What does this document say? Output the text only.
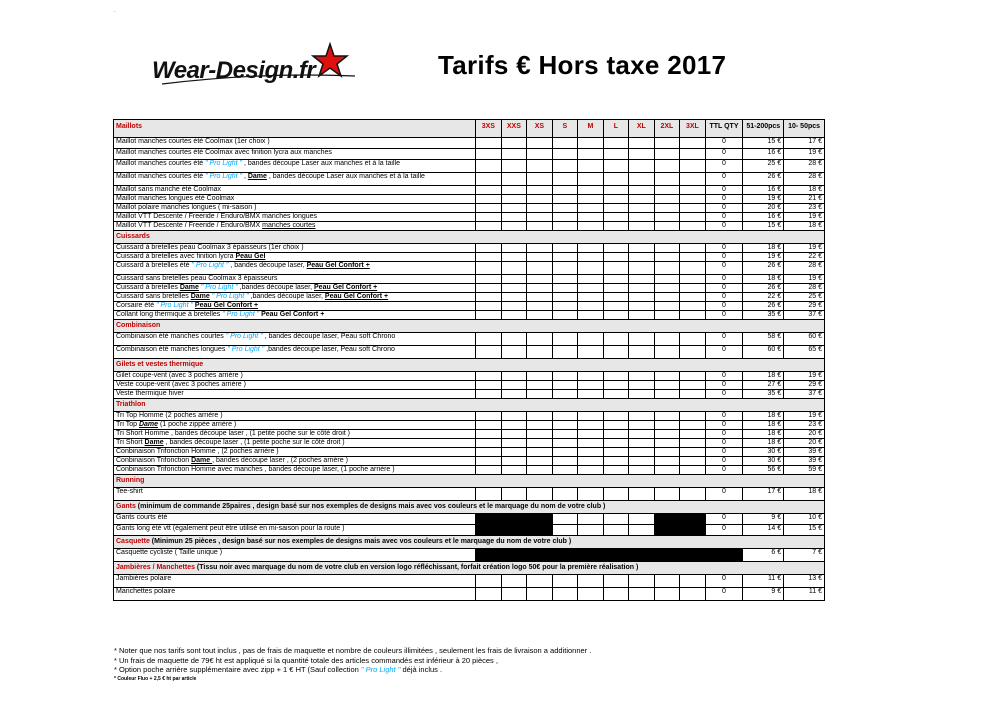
.
Wear-Design.fr	Tarifs € Hors taxe 2017
Maillots	3XS	XXS	XS	S	M	L	XL	2XL	3XL	TTL QTY	51-200pcs	10- 50pcs
Maillot manches courtes été Coolmax (1er choix )										0	15 €	17 €
Maillot manches courtes été Coolmax avec finition lycra aux manches										0	16 €	19 €
Maillot manches courtes été " Pro Light " , bandes découpe Laser aux manches et à la taille										0	25 €	28 €
Maillot manches courtes été " Pro Light " , Dame , bandes découpe Laser aux manches et à la taille										0	26 €	28 €
Maillot sans manche été Coolmax										0	16 €	18 €
Maillot manches longues été Coolmax										0	19 €	21 €
Maillot polaire manches longues ( mi-saison )										0	20 €	23 €
Maillot VTT Descente / Freeride / Enduro/BMX manches longues										0	16 €	19 €
Maillot VTT Descente / Freeride / Enduro/BMX manches courtes										0	15 €	18 €
Cuissards												
Cuissard à bretelles peau Coolmax 3 épaisseurs (1er choix )										0	18 €	19 €
Cuissard à bretelles avec finition lycra Peau Gel										0	19 €	22 €
Cuissard à bretelles été " Pro Light " , bandes découpe laser, Peau Gel Confort +										0	26 €	28 €
Cuissard sans bretelles peau Coolmax 3 épaisseurs										0	18 €	19 €
Cuissard à bretelles Dame " Pro Light " ,bandes découpe laser, Peau Gel Confort +										0	26 €	28 €
Cuissard sans bretelles Dame " Pro Light " ,bandes découpe laser, Peau Gel Confort +										0	22 €	25 €
Corsaire été " Pro Light " Peau Gel Confort +										0	26 €	29 €
Collant long thermique à bretelles " Pro Light " Peau Gel Confort +										0	35 €	37 €
Combinaison												
Combinaison été manches courtes " Pro Light " , bandes découpe laser, Peau soft Chrono										0	58 €	60 €
Combinaison été manches longues " Pro Light " ,bandes découpe laser, Peau soft Chrono										0	60 €	65 €
Gilets et vestes thermique												
Gilet coupe-vent (avec 3 poches arrière )										0	18 €	19 €
Veste coupe-vent (avec 3 poches arrière )										0	27 €	29 €
Veste thermique hiver										0	35 €	37 €
Triathlon												
Tri Top Homme (2 poches arrière )										0	18 €	19 €
Tri Top Dame (1 poche zippée arrière )										0	18 €	23 €
Tri Short Homme , bandes découpe laser , (1 petite poche sur le côté droit )										0	18 €	20 €
Tri Short Dame , bandes découpe laser , (1 petite poche sur le côté droit )										0	18 €	20 €
Conbinaison Trifonction Homme , (2 poches arrière )										0	30 €	39 €
Conbinaison Trifonction Dame , bandes découpe laser , (2 poches arrière )										0	30 €	39 €
Conbinaison Trifonction Homme avec manches , bandes découpe laser, (1 poche arrière )										0	56 €	59 €
Running												
Tee-shirt										0	17 €	18 €
Gants (minimum de commande 25paires , design basé sur nos exemples de designs mais avec vos couleurs et le marquage du nom de votre club )												
Gants courts été										0	9 €	10 €
Gants long été vtt (également peut être utilisé en mi-saison pour la route )										0	14 €	15 €
Casquette (Minimun 25 pièces , design basé sur nos exemples de designs mais avec vos couleurs et le marquage du nom de votre club )												
Casquette cycliste ( Taille unique )											6 €	7 €
Jambières / Manchettes (Tissu noir avec marquage du nom de votre club en version logo réfléchissant, forfait création logo 50€ pour la première réalisation )												
Jambières polaire										0	11 €	13 €
Manchettes polaire										0	9 €	11 €
* Noter que nos tarifs sont tout inclus , pas de frais de maquette et nombre de couleurs illimitées , seulement les frais de livraison a additionner .
* Un frais de maquette de 79€ ht est appliqué si la quantité totale des articles commandés est inférieur à 20 pièces ,
* Option poche arrière supplémentaire avec zipp + 1 € HT (Sauf collection " Pro Light " déjà inclus .
* Couleur Fluo + 2,5 € ht par article
